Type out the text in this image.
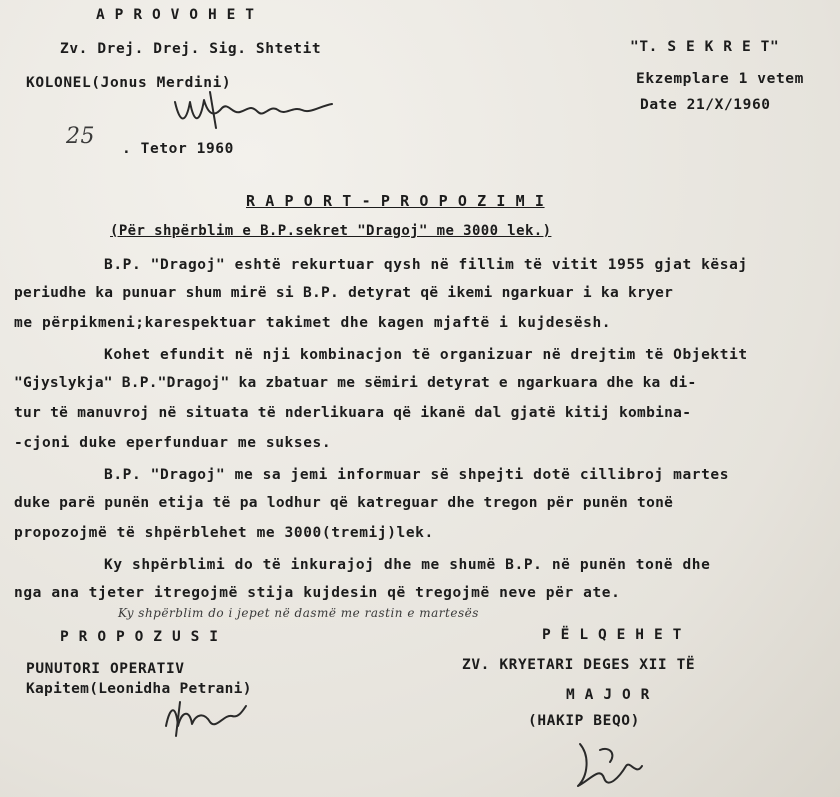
A P R O V O H E T
Zv. Drej. Drej. Sig. Shtetit
KOLONEL(Jonus Merdini)
25 . Tetor 1960
"T. S E K R E T"
Ekzemplare 1 vetem
Date 21/X/1960
R A P O R T - P R O P O Z I M I
(Për shpërblim e B.P.sekret "Dragoj" me 3000 lek.)
B.P. "Dragoj" eshtë rekurtuar qysh në fillim të vitit 1955 gjat kësaj
periudhe ka punuar shum mirë si B.P. detyrat që ikemi ngarkuar i ka kryer
me përpikmeni;karespektuar takimet dhe kagen mjaftë i kujdesësh.
Kohet efundit në nji kombinacjon të organizuar në drejtim të Objektit
"Gjyslykja" B.P."Dragoj" ka zbatuar me sëmiri detyrat e ngarkuara dhe ka di-
tur të manuvroj në situata të nderlikuara që ikanë dal gjatë kitij kombina-
-cjoni duke eperfunduar me sukses.
B.P. "Dragoj" me sa jemi informuar së shpejti dotë cillibroj martes
duke parë punën etija të pa lodhur që katreguar dhe tregon për punën tonë
propozojmë të shpërblehet me 3000(tremij)lek.
Ky shpërblimi do të inkurajoj dhe me shumë B.P. në punën tonë dhe
nga ana tjeter itregojmë stija kujdesin që tregojmë neve për ate.
Ky shpërblim do i jepet në dasmë me rastin e martesës
P R O P O Z U S I
PUNUTORI OPERATIV
Kapitem(Leonidha Petrani)
P Ë L Q E H E T
ZV. KRYETARI DEGES XII TË
M A J O R
(HAKIP BEQO)
